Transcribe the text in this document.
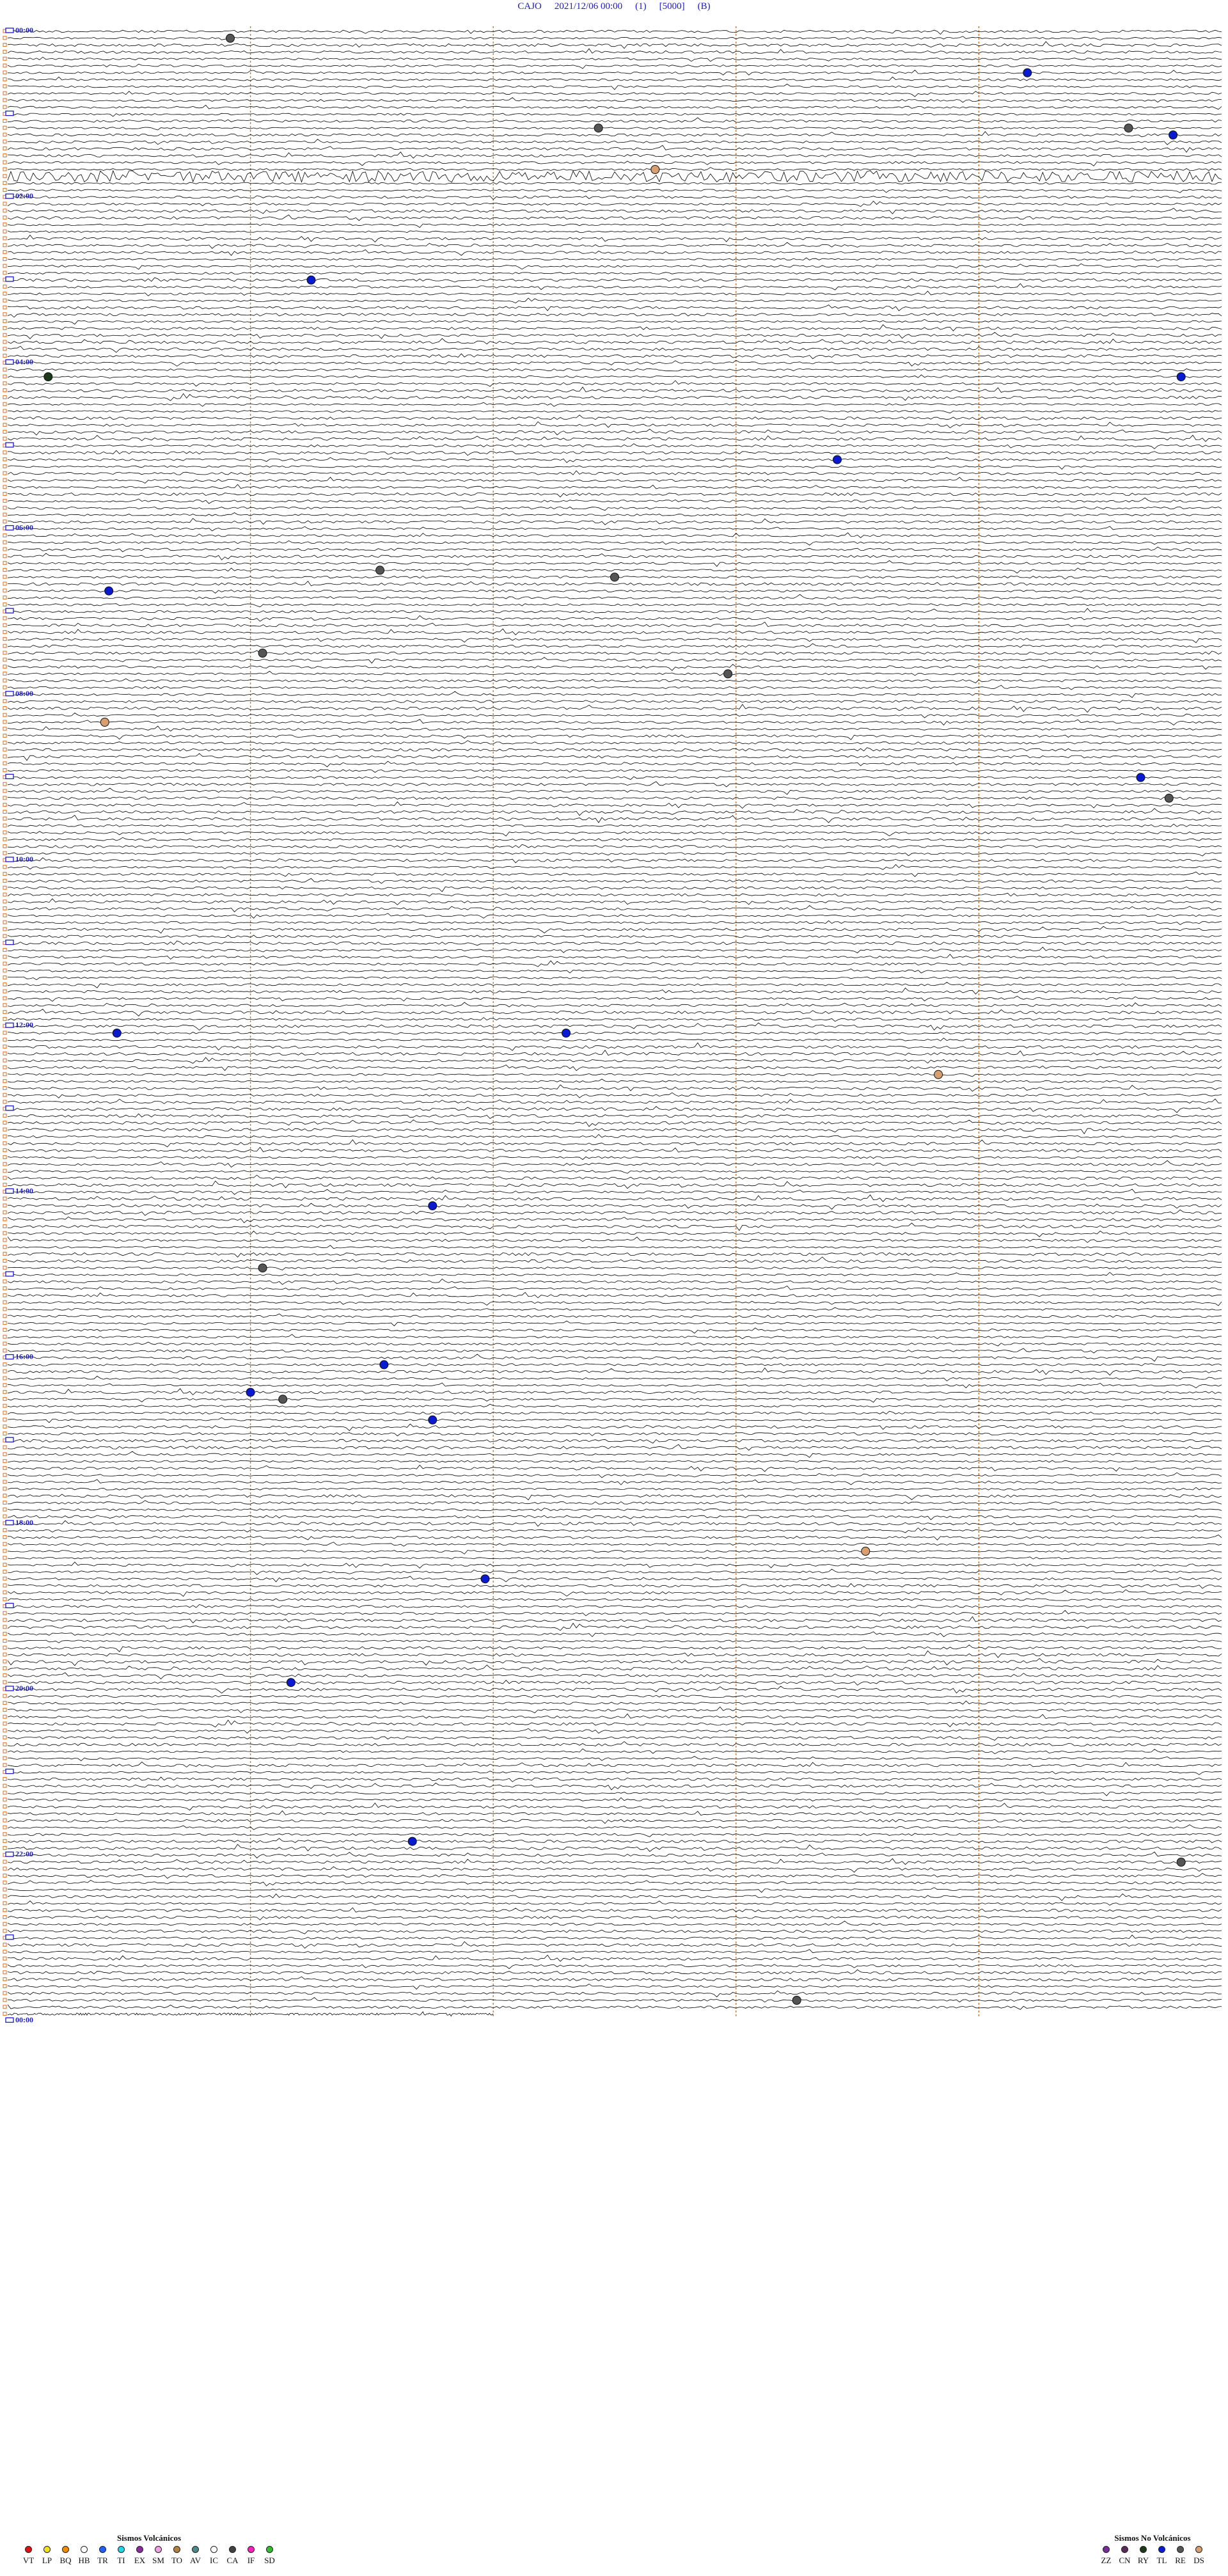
CAJO 2021/12/06 00:00 (1) [5000] (B)
00:00
02:00
04:00
06:00
08:00
10:00
12:00
14:00
16:00
18:00
20:00
22:00
00:00
Sismos Volcánicos
VT LP BQ HB TR TI EX SM TO AV IC CA IF SD
Sismos No Volcánicos
ZZ CN RY TL RE DS
